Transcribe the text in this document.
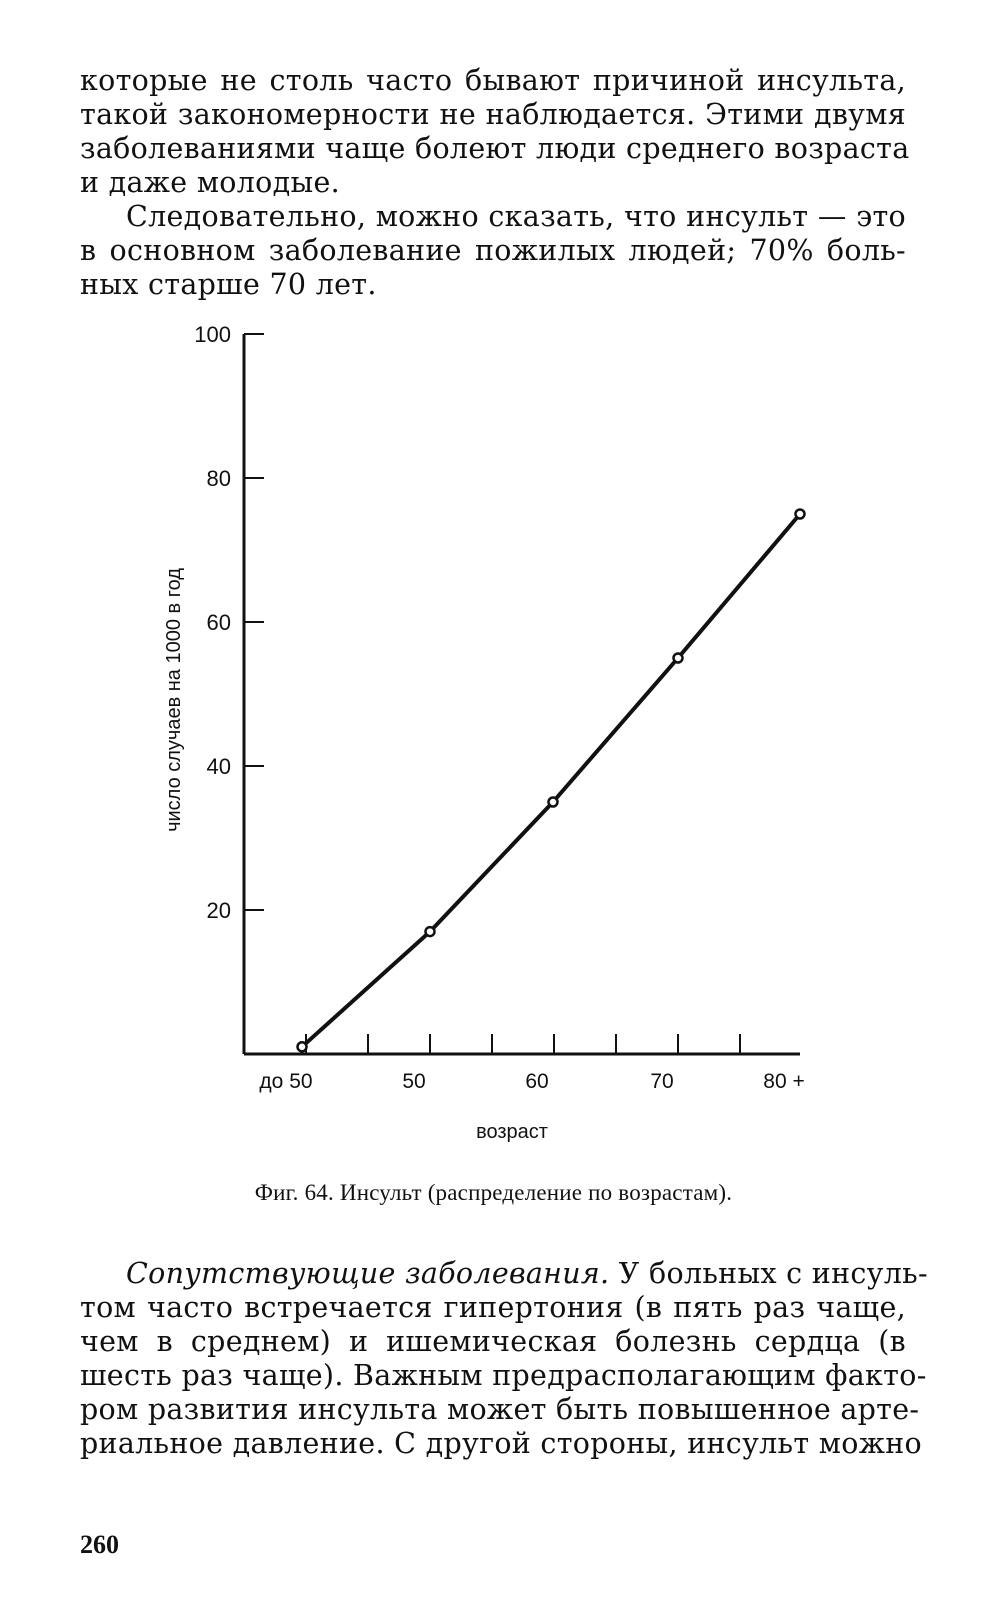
которые не столь часто бывают причиной инсульта,
такой закономерности не наблюдается. Этими двумя
заболеваниями чаще болеют люди среднего возраста
и даже молодые.

Следовательно, можно сказать, что инсульт — это
в основном заболевание пожилых людей; 70% боль-
ных старше 70 лет.

100
80
60
40
20
до 50	50	60	70	80 +
число случаев на 1000 в год
возраст
Фиг. 64. Инсульт (распределение по возрастам).

Сопутствующие заболевания. У больных с инсуль-
том часто встречается гипертония (в пять раз чаще,
чем в среднем) и ишемическая болезнь сердца (в
шесть раз чаще). Важным предрасполагающим факто-
ром развития инсульта может быть повышенное арте-
риальное давление. С другой стороны, инсульт можно

260
